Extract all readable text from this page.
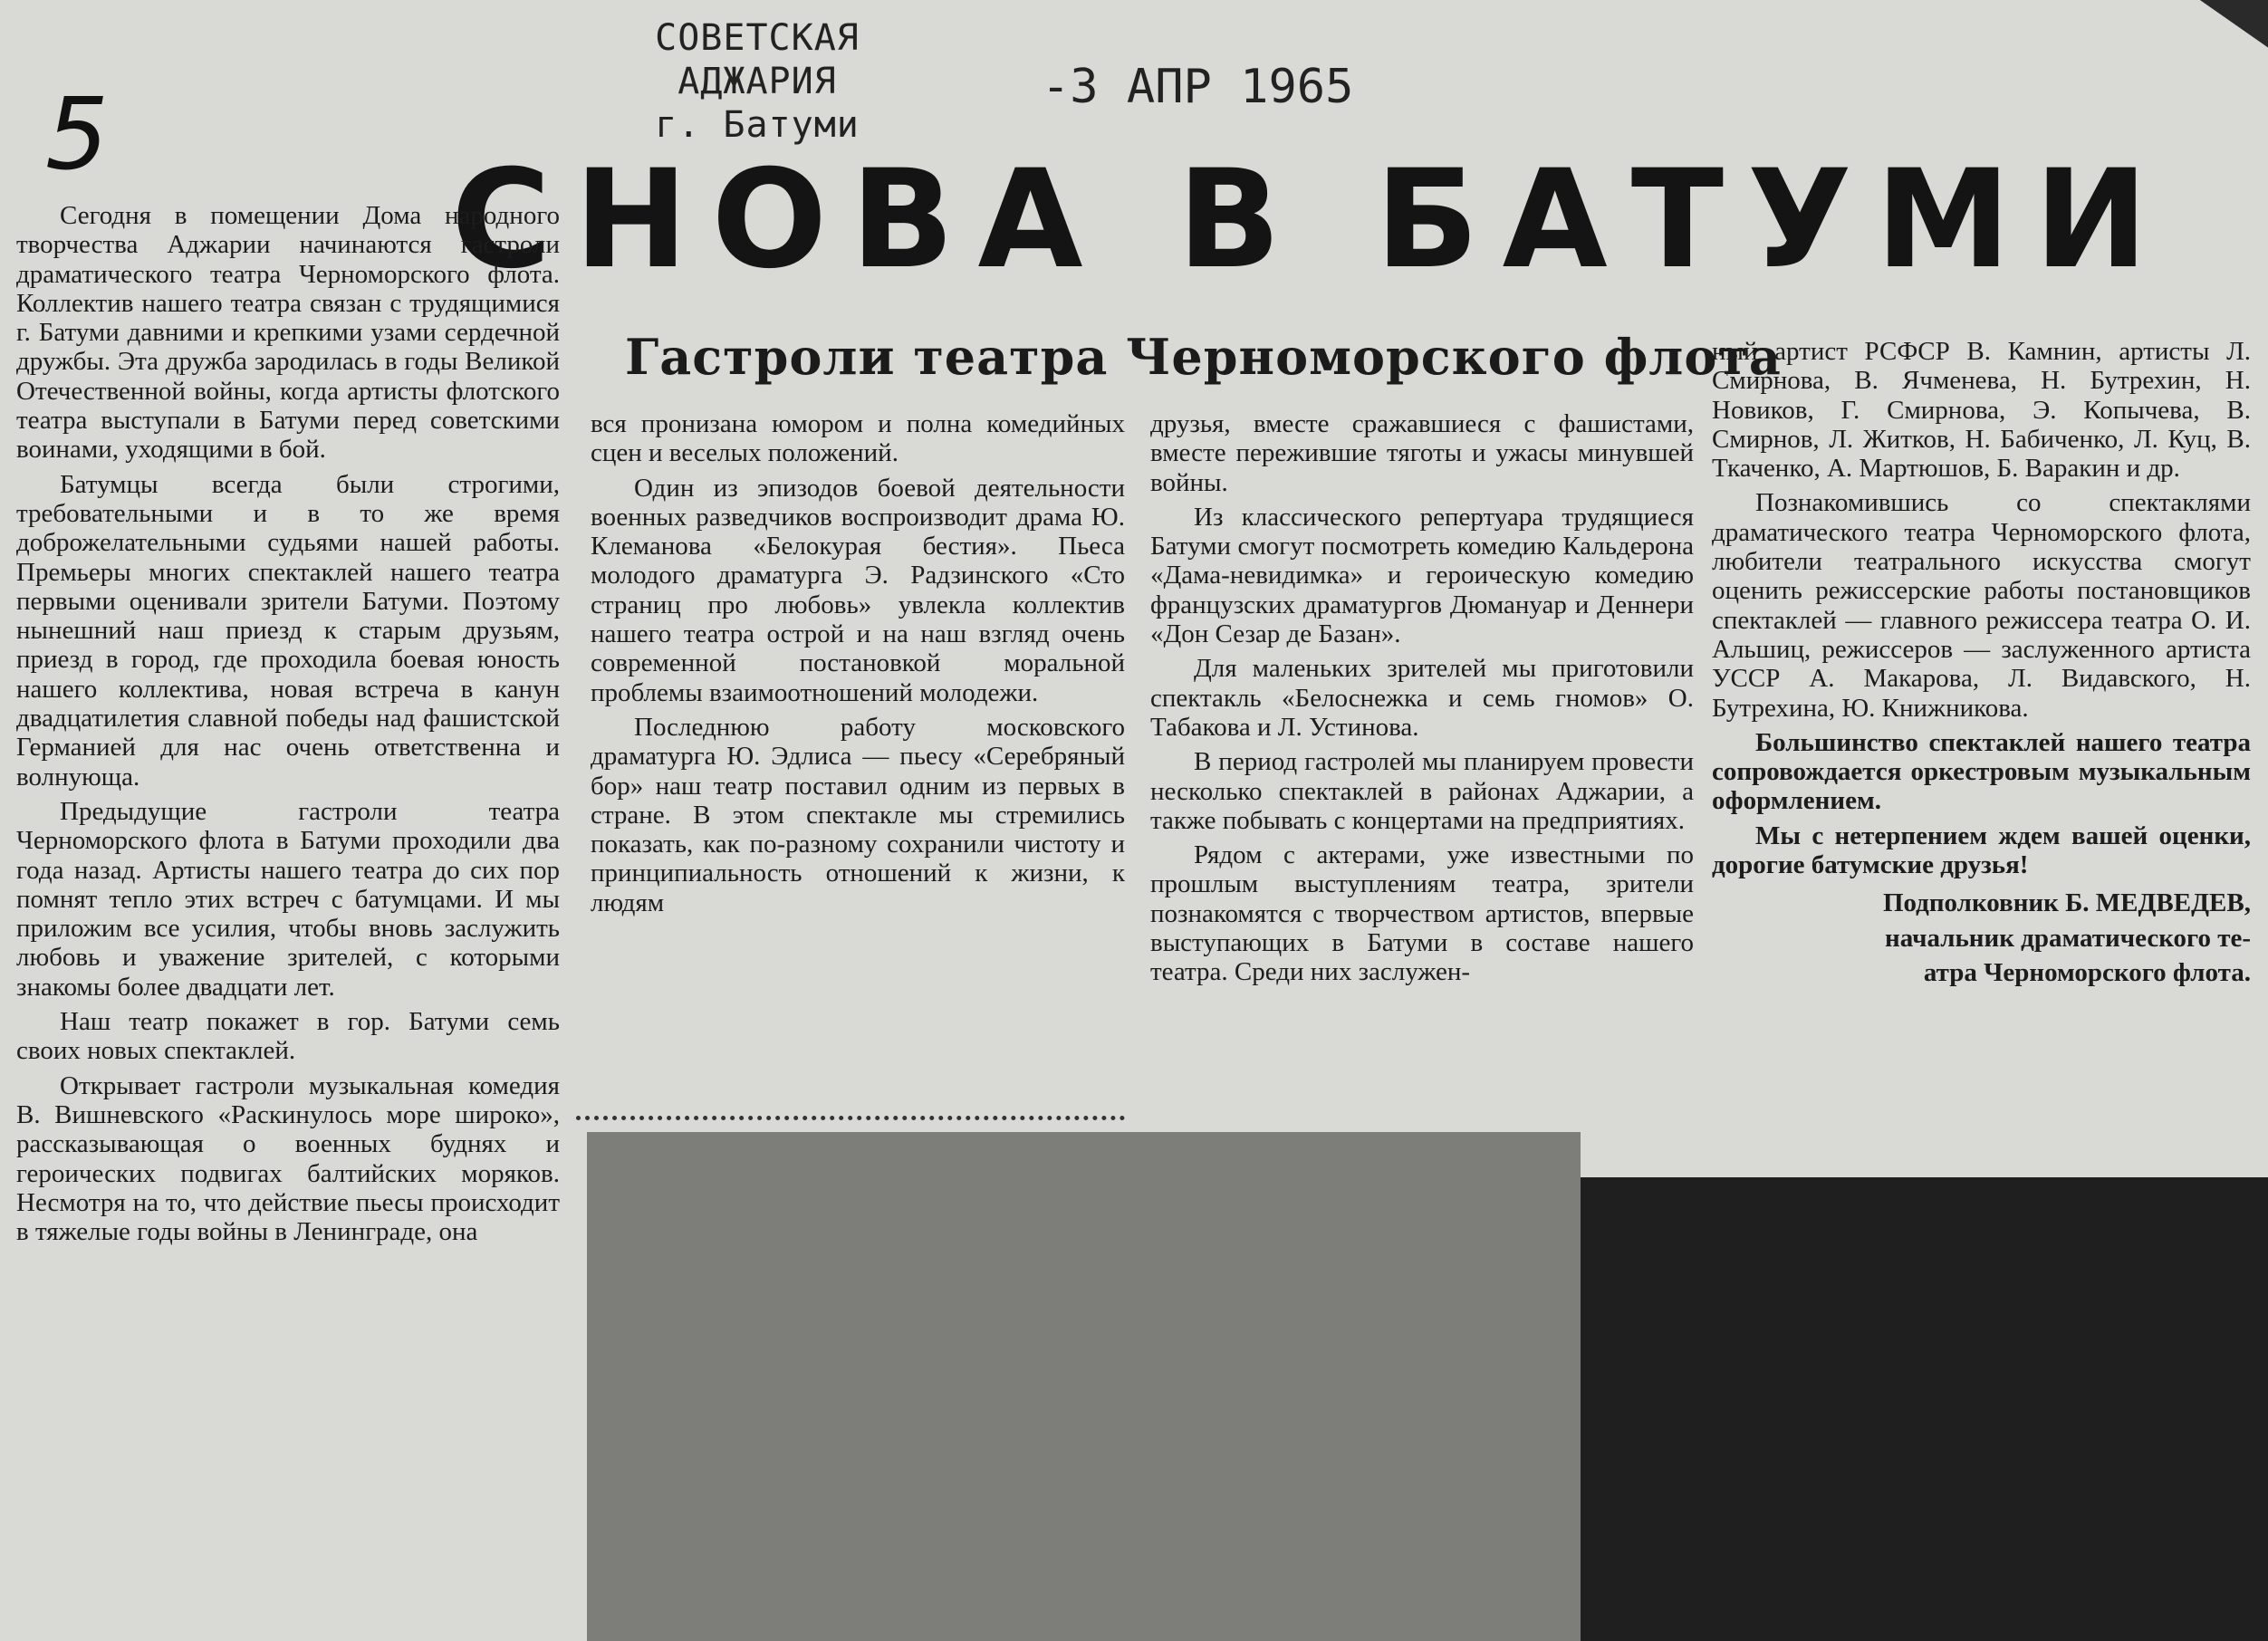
5
СОВЕТСКАЯ АДЖАРИЯ
г. Батуми
-3 АПР 1965
СНОВА В БАТУМИ
Гастроли театра Черноморского флота

Сегодня в помещении Дома народного творчества Аджарии начинаются гастроли драматического театра Черноморского флота. Коллектив нашего театра связан с трудящимися г. Батуми давними и крепкими узами сердечной дружбы. Эта дружба зародилась в годы Великой Отечественной войны, когда артисты флотского театра выступали в Батуми перед советскими воинами, уходящими в бой.

Батумцы всегда были строгими, требовательными и в то же время доброжелательными судьями нашей работы. Премьеры многих спектаклей нашего театра первыми оценивали зрители Батуми. Поэтому нынешний наш приезд к старым друзьям, приезд в город, где проходила боевая юность нашего коллектива, новая встреча в канун двадцатилетия славной победы над фашистской Германией для нас очень ответственна и волнующа.

Предыдущие гастроли театра Черноморского флота в Батуми проходили два года назад. Артисты нашего театра до сих пор помнят тепло этих встреч с батумцами. И мы приложим все усилия, чтобы вновь заслужить любовь и уважение зрителей, с которыми знакомы более двадцати лет.

Наш театр покажет в гор. Батуми семь своих новых спектаклей.

Открывает гастроли музыкальная комедия В. Вишневского «Раскинулось море широко», рассказывающая о военных буднях и героических подвигах балтийских моряков. Несмотря на то, что действие пьесы происходит в тяжелые годы войны в Ленинграде, она

вся пронизана юмором и полна комедийных сцен и веселых положений.

Один из эпизодов боевой деятельности военных разведчиков воспроизводит драма Ю. Клеманова «Белокурая бестия». Пьеса молодого драматурга Э. Радзинского «Сто страниц про любовь» увлекла коллектив нашего театра острой и на наш взгляд очень современной постановкой моральной проблемы взаимоотношений молодежи.

Последнюю работу московского драматурга Ю. Эдлиса — пьесу «Серебряный бор» наш театр поставил одним из первых в стране. В этом спектакле мы стремились показать, как по-разному сохранили чистоту и принципиальность отношений к жизни, к людям

друзья, вместе сражавшиеся с фашистами, вместе пережившие тяготы и ужасы минувшей войны.

Из классического репертуара трудящиеся Батуми смогут посмотреть комедию Кальдерона «Дама-невидимка» и героическую комедию французских драматургов Дюмануар и Деннери «Дон Сезар де Базан».

Для маленьких зрителей мы приготовили спектакль «Белоснежка и семь гномов» О. Табакова и Л. Устинова.

В период гастролей мы планируем провести несколько спектаклей в районах Аджарии, а также побывать с концертами на предприятиях.

Рядом с актерами, уже известными по прошлым выступлениям театра, зрители познакомятся с творчеством артистов, впервые выступающих в Батуми в составе нашего театра. Среди них заслужен-

ный артист РСФСР В. Камнин, артисты Л. Смирнова, В. Ячменева, Н. Бутрехин, Н. Новиков, Г. Смирнова, Э. Копычева, В. Смирнов, Л. Житков, Н. Бабиченко, Л. Куц, В. Ткаченко, А. Мартюшов, Б. Варакин и др.

Познакомившись со спектаклями драматического театра Черноморского флота, любители театрального искусства смогут оценить режиссерские работы постановщиков спектаклей — главного режиссера театра О. И. Альшиц, режиссеров — заслуженного артиста УССР А. Макарова, Л. Видавского, Н. Бутрехина, Ю. Книжникова.

Большинство спектаклей нашего театра сопровождается оркестровым музыкальным оформлением.

Мы с нетерпением ждем вашей оценки, дорогие батумские друзья!

Подполковник Б. МЕДВЕДЕВ,

начальник драматического те-

атра Черноморского флота.
